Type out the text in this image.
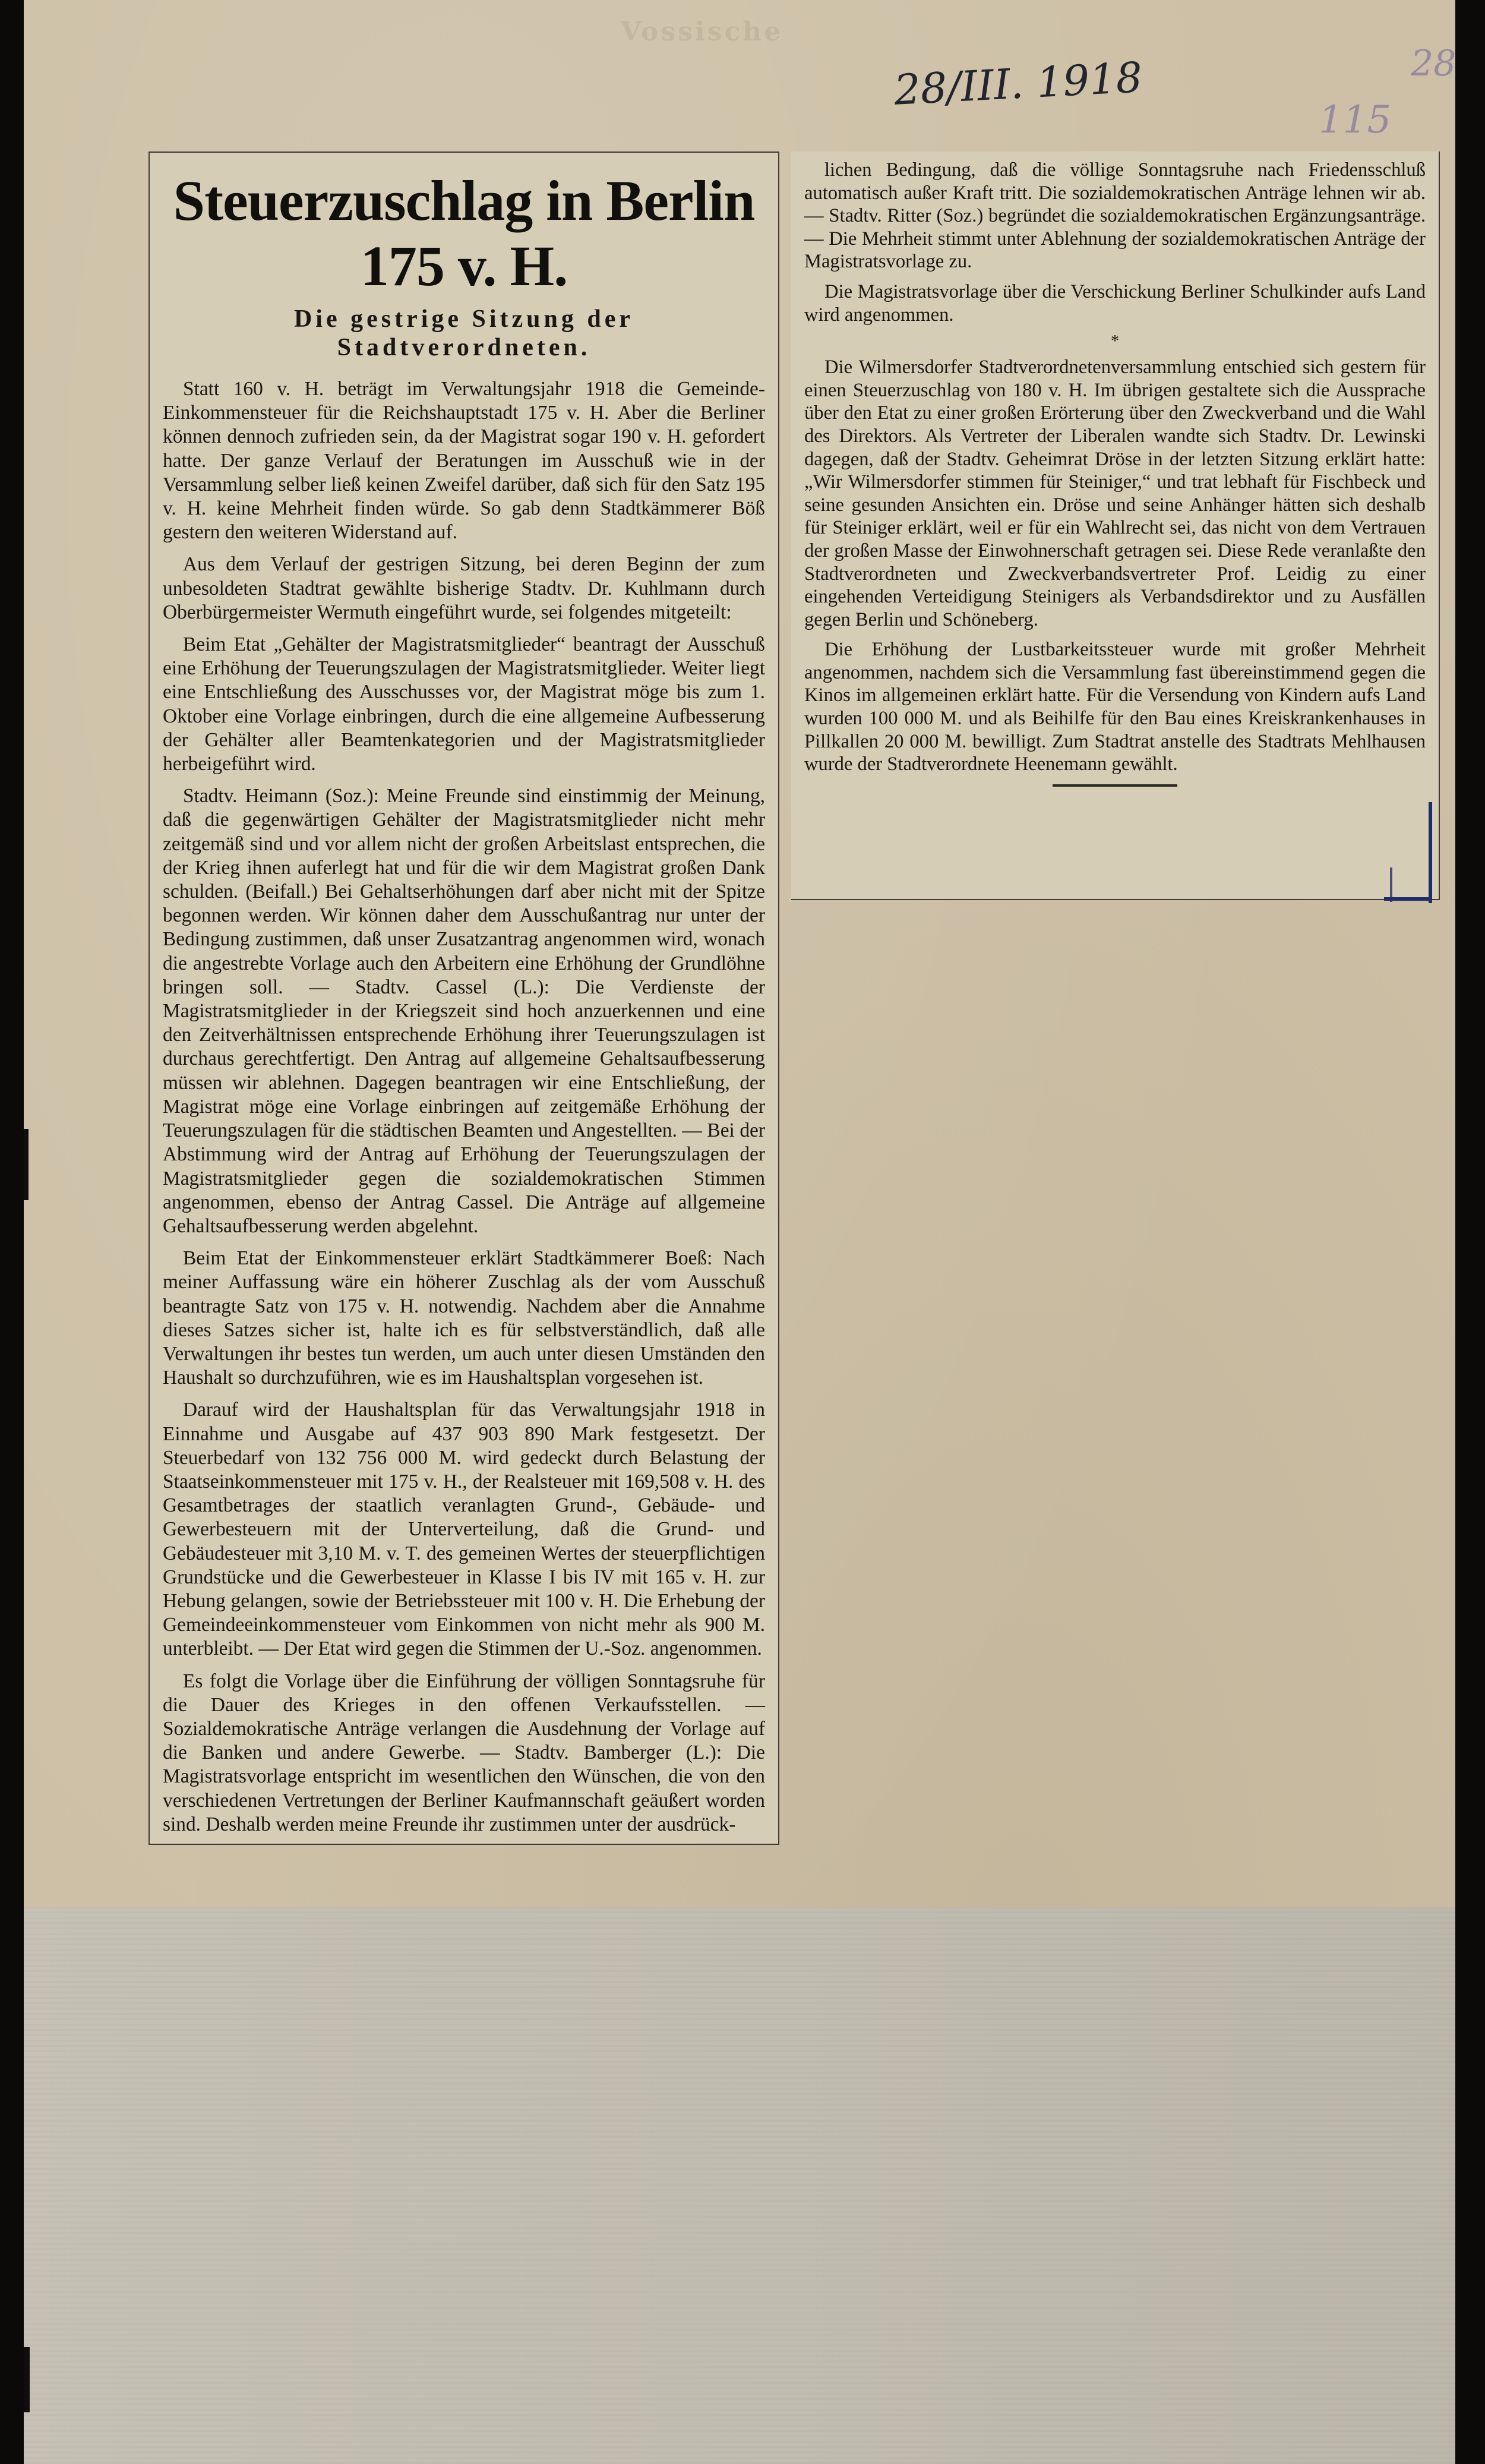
Vossische
28/III. 1918
115
28
Steuerzuschlag in Berlin 175 v. H.
Die gestrige Sitzung der Stadtverordneten.

Statt 160 v. H. beträgt im Verwaltungsjahr 1918 die Gemeinde-Einkommensteuer für die Reichshauptstadt 175 v. H. Aber die Berliner können dennoch zufrieden sein, da der Magistrat sogar 190 v. H. gefordert hatte. Der ganze Verlauf der Beratungen im Ausschuß wie in der Versammlung selber ließ keinen Zweifel darüber, daß sich für den Satz 195 v. H. keine Mehrheit finden würde. So gab denn Stadtkämmerer Böß gestern den weiteren Widerstand auf.

Aus dem Verlauf der gestrigen Sitzung, bei deren Beginn der zum unbesoldeten Stadtrat gewählte bisherige Stadtv. Dr. Kuhlmann durch Oberbürgermeister Wermuth eingeführt wurde, sei folgendes mitgeteilt:

Beim Etat „Gehälter der Magistratsmitglieder“ beantragt der Ausschuß eine Erhöhung der Teuerungszulagen der Magistratsmitglieder. Weiter liegt eine Entschließung des Ausschusses vor, der Magistrat möge bis zum 1. Oktober eine Vorlage einbringen, durch die eine allgemeine Aufbesserung der Gehälter aller Beamtenkategorien und der Magistratsmitglieder herbeigeführt wird.

Stadtv. Heimann (Soz.): Meine Freunde sind einstimmig der Meinung, daß die gegenwärtigen Gehälter der Magistratsmitglieder nicht mehr zeitgemäß sind und vor allem nicht der großen Arbeitslast entsprechen, die der Krieg ihnen auferlegt hat und für die wir dem Magistrat großen Dank schulden. (Beifall.) Bei Gehaltserhöhungen darf aber nicht mit der Spitze begonnen werden. Wir können daher dem Ausschußantrag nur unter der Bedingung zustimmen, daß unser Zusatzantrag angenommen wird, wonach die angestrebte Vorlage auch den Arbeitern eine Erhöhung der Grundlöhne bringen soll. — Stadtv. Cassel (L.): Die Verdienste der Magistratsmitglieder in der Kriegszeit sind hoch anzuerkennen und eine den Zeitverhältnissen entsprechende Erhöhung ihrer Teuerungszulagen ist durchaus gerechtfertigt. Den Antrag auf allgemeine Gehaltsaufbesserung müssen wir ablehnen. Dagegen beantragen wir eine Entschließung, der Magistrat möge eine Vorlage einbringen auf zeitgemäße Erhöhung der Teuerungszulagen für die städtischen Beamten und Angestellten. — Bei der Abstimmung wird der Antrag auf Erhöhung der Teuerungszulagen der Magistratsmitglieder gegen die sozialdemokratischen Stimmen angenommen, ebenso der Antrag Cassel. Die Anträge auf allgemeine Gehaltsaufbesserung werden abgelehnt.

Beim Etat der Einkommensteuer erklärt Stadtkämmerer Boeß: Nach meiner Auffassung wäre ein höherer Zuschlag als der vom Ausschuß beantragte Satz von 175 v. H. notwendig. Nachdem aber die Annahme dieses Satzes sicher ist, halte ich es für selbstverständlich, daß alle Verwaltungen ihr bestes tun werden, um auch unter diesen Umständen den Haushalt so durchzuführen, wie es im Haushaltsplan vorgesehen ist.

Darauf wird der Haushaltsplan für das Verwaltungsjahr 1918 in Einnahme und Ausgabe auf 437 903 890 Mark festgesetzt. Der Steuerbedarf von 132 756 000 M. wird gedeckt durch Belastung der Staatseinkommensteuer mit 175 v. H., der Realsteuer mit 169,508 v. H. des Gesamtbetrages der staatlich veranlagten Grund-, Gebäude- und Gewerbesteuern mit der Unterverteilung, daß die Grund- und Gebäudesteuer mit 3,10 M. v. T. des gemeinen Wertes der steuerpflichtigen Grundstücke und die Gewerbesteuer in Klasse I bis IV mit 165 v. H. zur Hebung gelangen, sowie der Betriebssteuer mit 100 v. H. Die Erhebung der Gemeindeeinkommensteuer vom Einkommen von nicht mehr als 900 M. unterbleibt. — Der Etat wird gegen die Stimmen der U.-Soz. angenommen.

Es folgt die Vorlage über die Einführung der völligen Sonntagsruhe für die Dauer des Krieges in den offenen Verkaufsstellen. — Sozialdemokratische Anträge verlangen die Ausdehnung der Vorlage auf die Banken und andere Gewerbe. — Stadtv. Bamberger (L.): Die Magistratsvorlage entspricht im wesentlichen den Wünschen, die von den verschiedenen Vertretungen der Berliner Kaufmannschaft geäußert worden sind. Deshalb werden meine Freunde ihr zustimmen unter der ausdrück-

lichen Bedingung, daß die völlige Sonntagsruhe nach Friedensschluß automatisch außer Kraft tritt. Die sozialdemokratischen Anträge lehnen wir ab. — Stadtv. Ritter (Soz.) begründet die sozialdemokratischen Ergänzungsanträge. — Die Mehrheit stimmt unter Ablehnung der sozialdemokratischen Anträge der Magistratsvorlage zu.

Die Magistratsvorlage über die Verschickung Berliner Schulkinder aufs Land wird angenommen.

*

Die Wilmersdorfer Stadtverordnetenversammlung entschied sich gestern für einen Steuerzuschlag von 180 v. H. Im übrigen gestaltete sich die Aussprache über den Etat zu einer großen Erörterung über den Zweckverband und die Wahl des Direktors. Als Vertreter der Liberalen wandte sich Stadtv. Dr. Lewinski dagegen, daß der Stadtv. Geheimrat Dröse in der letzten Sitzung erklärt hatte: „Wir Wilmersdorfer stimmen für Steiniger,“ und trat lebhaft für Fischbeck und seine gesunden Ansichten ein. Dröse und seine Anhänger hätten sich deshalb für Steiniger erklärt, weil er für ein Wahlrecht sei, das nicht von dem Vertrauen der großen Masse der Einwohnerschaft getragen sei. Diese Rede veranlaßte den Stadtverordneten und Zweckverbandsvertreter Prof. Leidig zu einer eingehenden Verteidigung Steinigers als Verbandsdirektor und zu Ausfällen gegen Berlin und Schöneberg.

Die Erhöhung der Lustbarkeitssteuer wurde mit großer Mehrheit angenommen, nachdem sich die Versammlung fast übereinstimmend gegen die Kinos im allgemeinen erklärt hatte. Für die Versendung von Kindern aufs Land wurden 100 000 M. und als Beihilfe für den Bau eines Kreiskrankenhauses in Pillkallen 20 000 M. bewilligt. Zum Stadtrat anstelle des Stadtrats Mehlhausen wurde der Stadtverordnete Heenemann gewählt.
